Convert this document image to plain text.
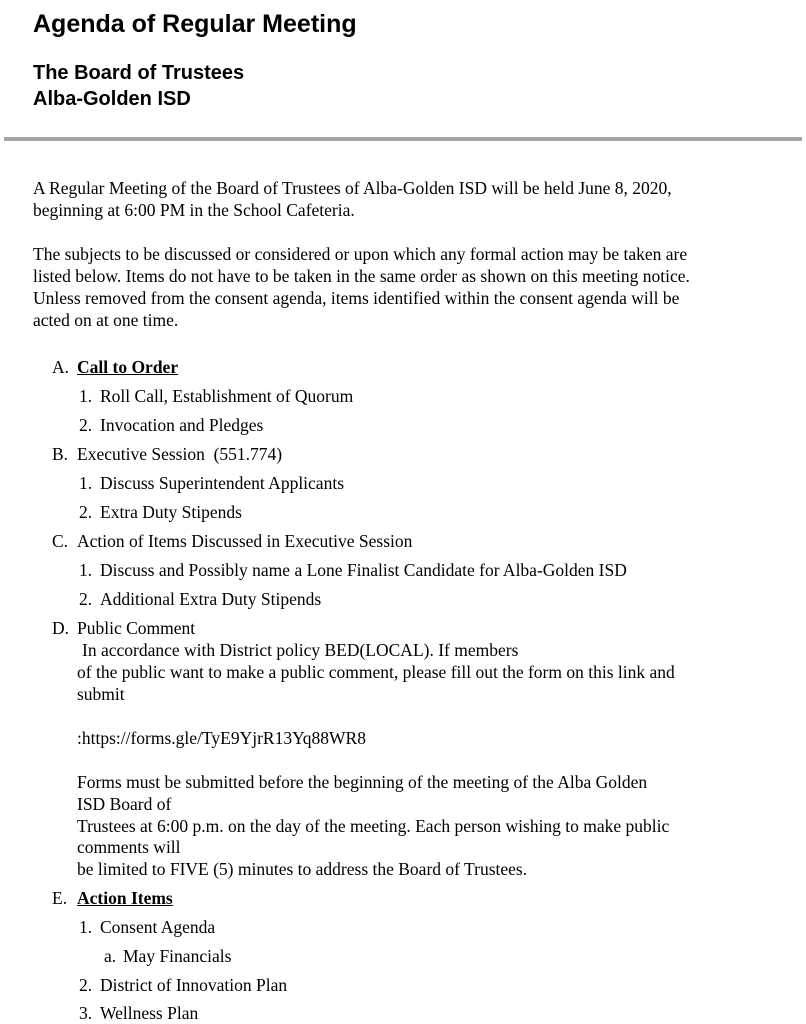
Agenda of Regular Meeting
The Board of Trustees
Alba-Golden ISD
A Regular Meeting of the Board of Trustees of Alba-Golden ISD will be held June 8, 2020,
beginning at 6:00 PM in the School Cafeteria.
The subjects to be discussed or considered or upon which any formal action may be taken are
listed below. Items do not have to be taken in the same order as shown on this meeting notice.
Unless removed from the consent agenda, items identified within the consent agenda will be
acted on at one time.
A. Call to Order
1. Roll Call, Establishment of Quorum
2. Invocation and Pledges
B. Executive Session  (551.774)
1. Discuss Superintendent Applicants
2. Extra Duty Stipends
C. Action of Items Discussed in Executive Session
1. Discuss and Possibly name a Lone Finalist Candidate for Alba-Golden ISD
2. Additional Extra Duty Stipends
D. Public Comment
In accordance with District policy BED(LOCAL). If members
of the public want to make a public comment, please fill out the form on this link and
submit
:https://forms.gle/TyE9YjrR13Yq88WR8
Forms must be submitted before the beginning of the meeting of the Alba Golden
ISD Board of
Trustees at 6:00 p.m. on the day of the meeting. Each person wishing to make public
comments will
be limited to FIVE (5) minutes to address the Board of Trustees.
E. Action Items
1. Consent Agenda
a. May Financials
2. District of Innovation Plan
3. Wellness Plan
